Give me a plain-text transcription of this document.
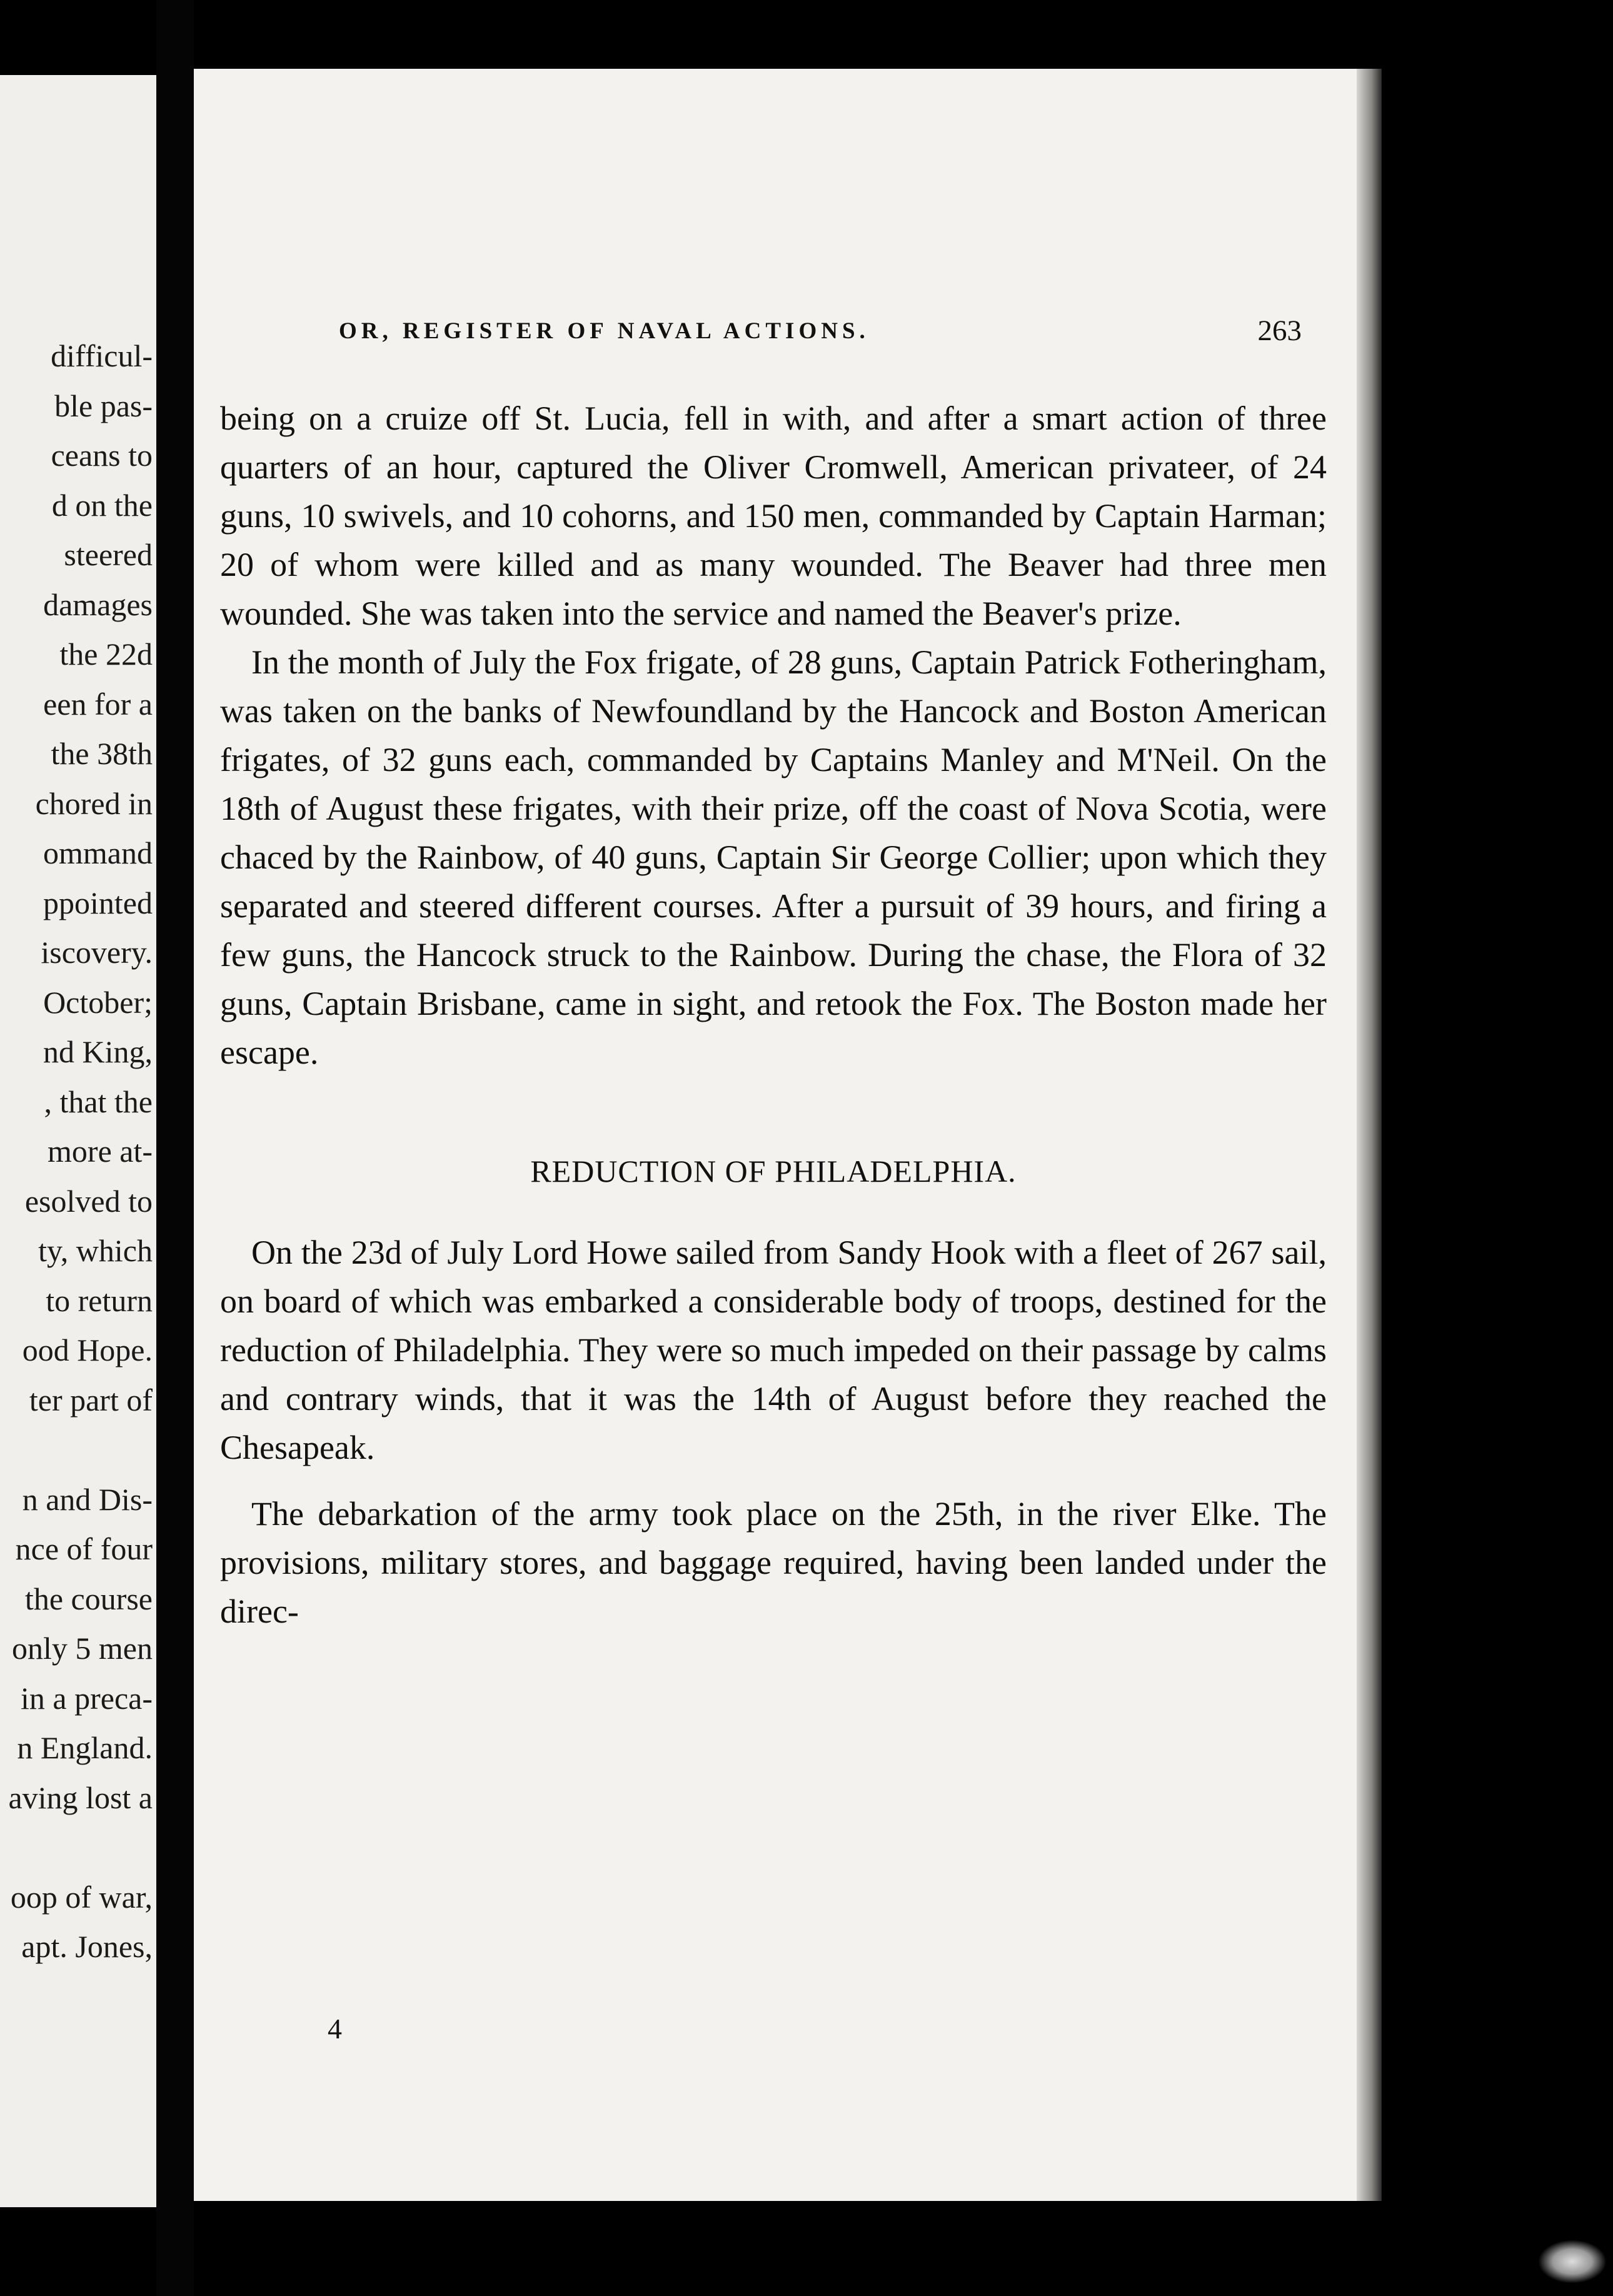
difficul-
ble pas-
ceans to
d on the
steered
damages
the 22d
een for a
the 38th
chored in
ommand
ppointed
iscovery.
October;
nd King,
, that the
more at-
esolved to
ty, which
to return
ood Hope.
ter part of
n and Dis-
nce of four
the course
only 5 men
in a preca-
n England.
aving lost a
oop of war,
apt. Jones,
OR, REGISTER OF NAVAL ACTIONS.	263

being on a cruize off St. Lucia, fell in with, and after a smart action of three quarters of an hour, captured the Oliver Cromwell, American privateer, of 24 guns, 10 swivels, and 10 cohorns, and 150 men, commanded by Captain Harman; 20 of whom were killed and as many wounded. The Beaver had three men wounded. She was taken into the service and named the Beaver's prize.

In the month of July the Fox frigate, of 28 guns, Captain Patrick Fotheringham, was taken on the banks of Newfoundland by the Hancock and Boston American frigates, of 32 guns each, commanded by Captains Manley and M'Neil. On the 18th of August these frigates, with their prize, off the coast of Nova Scotia, were chaced by the Rainbow, of 40 guns, Captain Sir George Collier; upon which they separated and steered different courses. After a pursuit of 39 hours, and firing a few guns, the Hancock struck to the Rainbow. During the chase, the Flora of 32 guns, Captain Brisbane, came in sight, and retook the Fox. The Boston made her escape.

REDUCTION OF PHILADELPHIA.

On the 23d of July Lord Howe sailed from Sandy Hook with a fleet of 267 sail, on board of which was embarked a considerable body of troops, destined for the reduction of Philadelphia. They were so much impeded on their passage by calms and contrary winds, that it was the 14th of August before they reached the Chesapeak.

The debarkation of the army took place on the 25th, in the river Elke. The provisions, military stores, and baggage required, having been landed under the direc-

4
